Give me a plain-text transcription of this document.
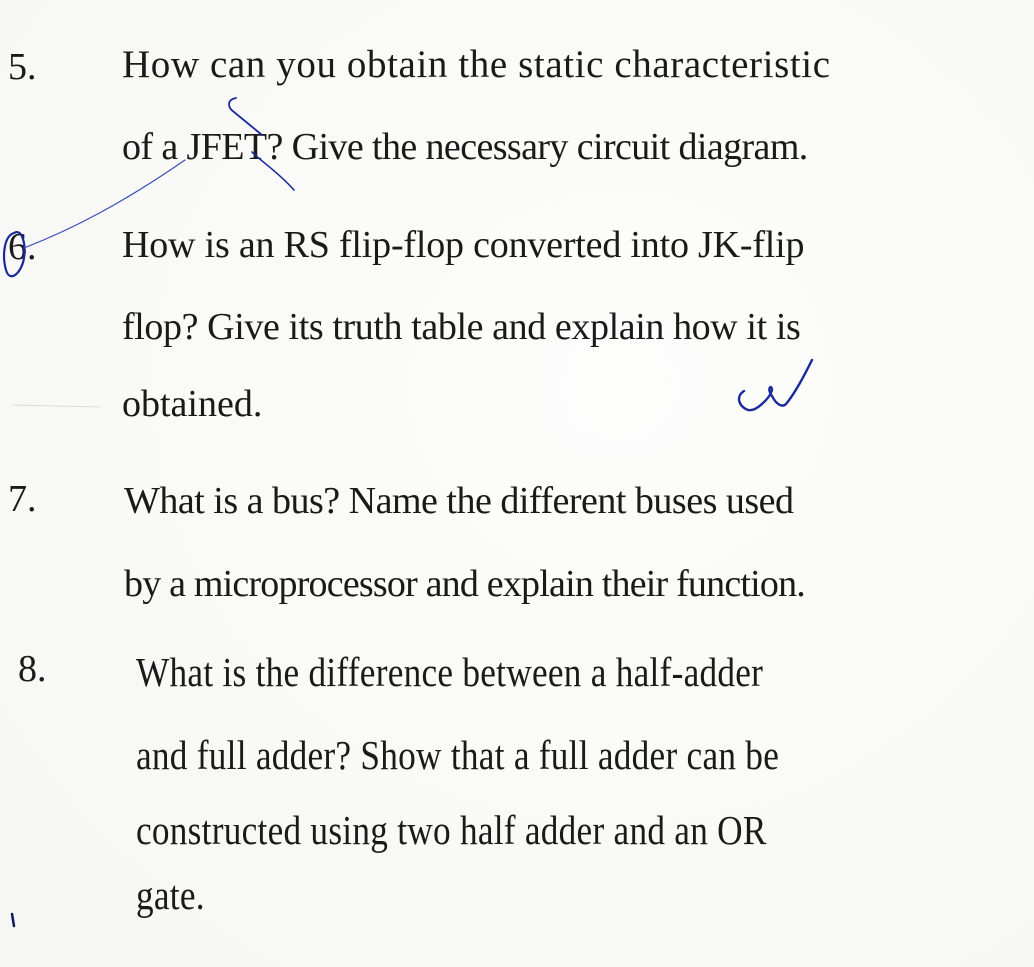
5. How can you obtain the static characteristic
of a JFET? Give the necessary circuit diagram.
6. How is an RS flip-flop converted into JK-flip
flop? Give its truth table and explain how it is
obtained.
7. What is a bus? Name the different buses used
by a microprocessor and explain their function.
8. What is the difference between a half-adder
and full adder? Show that a full adder can be
constructed using two half adder and an OR
gate.
